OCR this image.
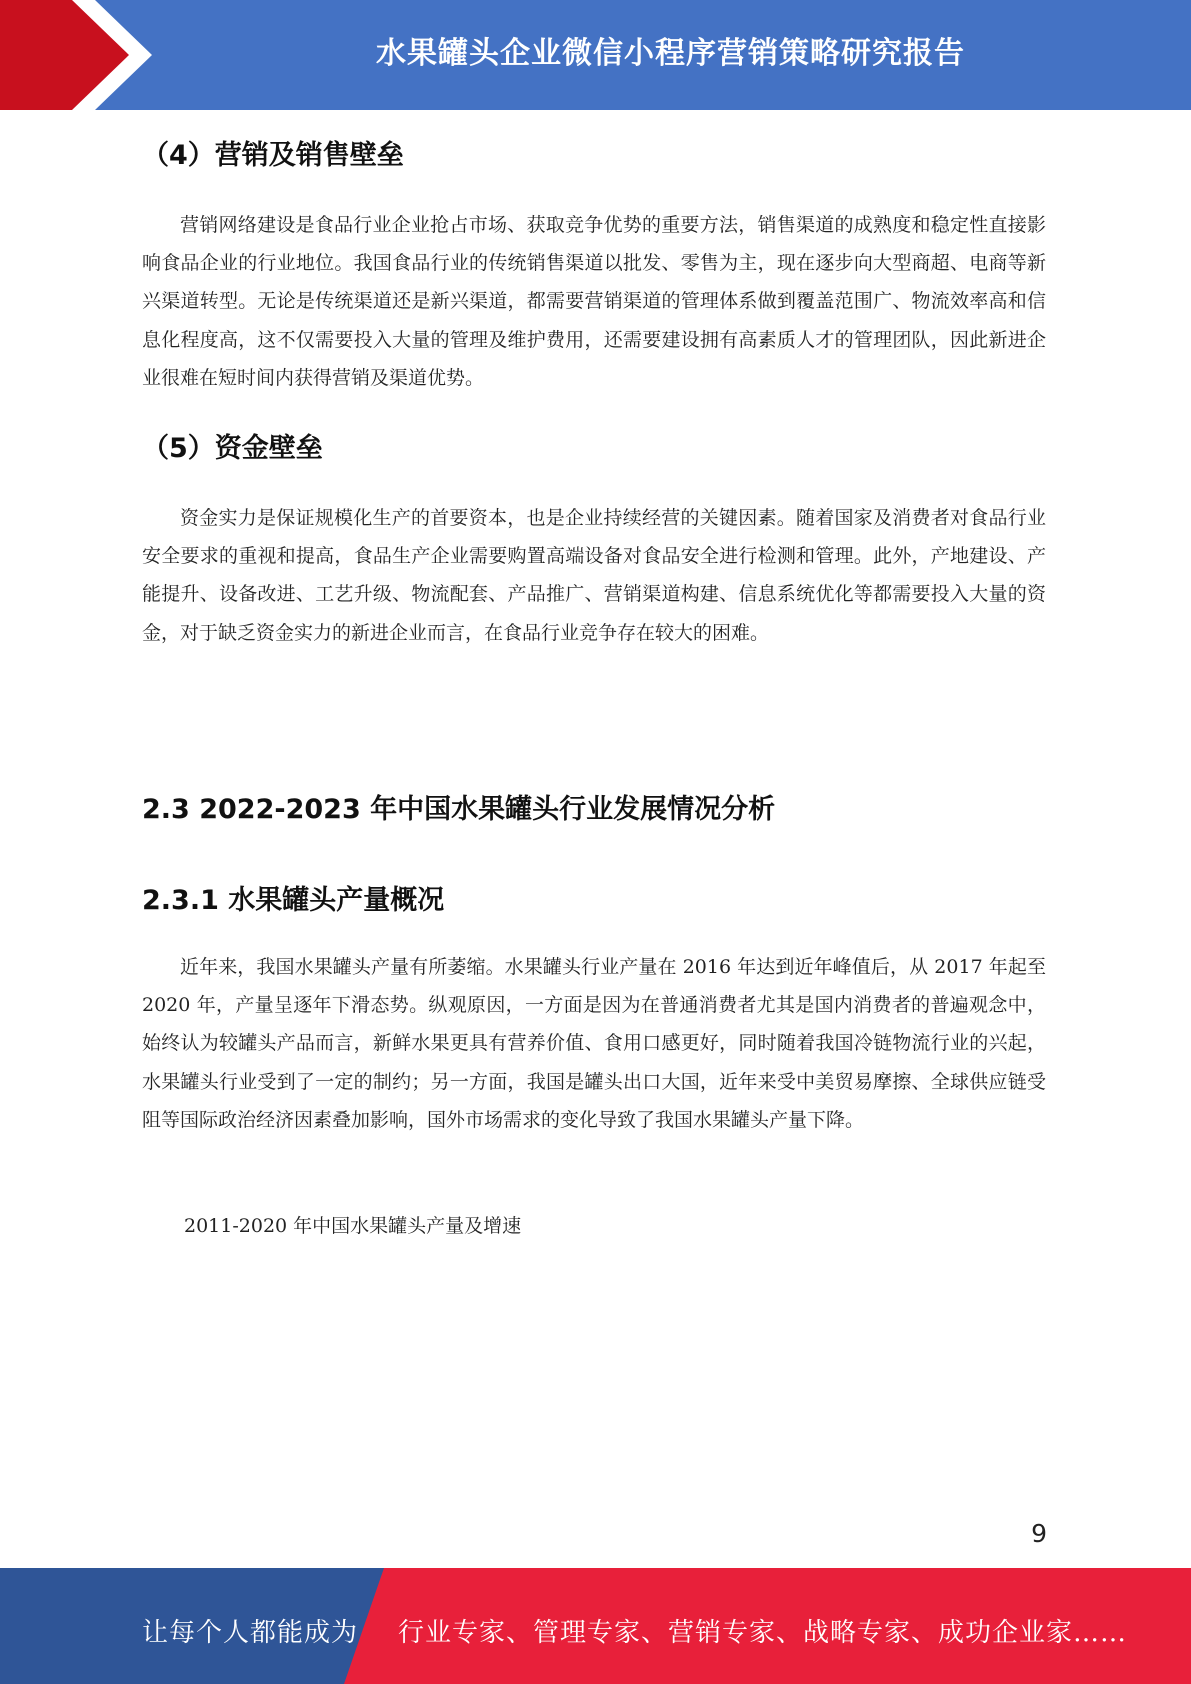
水果罐头企业微信小程序营销策略研究报告
（4）营销及销售壁垒

营销网络建设是食品行业企业抢占市场、获取竞争优势的重要方法，销售渠道的成熟度和稳定性直接影响食品企业的行业地位。我国食品行业的传统销售渠道以批发、零售为主，现在逐步向大型商超、电商等新兴渠道转型。无论是传统渠道还是新兴渠道，都需要营销渠道的管理体系做到覆盖范围广、物流效率高和信息化程度高，这不仅需要投入大量的管理及维护费用，还需要建设拥有高素质人才的管理团队，因此新进企业很难在短时间内获得营销及渠道优势。

（5）资金壁垒

资金实力是保证规模化生产的首要资本，也是企业持续经营的关键因素。随着国家及消费者对食品行业安全要求的重视和提高，食品生产企业需要购置高端设备对食品安全进行检测和管理。此外，产地建设、产能提升、设备改进、工艺升级、物流配套、产品推广、营销渠道构建、信息系统优化等都需要投入大量的资金，对于缺乏资金实力的新进企业而言，在食品行业竞争存在较大的困难。

2.3 2022-2023 年中国水果罐头行业发展情况分析
2.3.1 水果罐头产量概况

近年来，我国水果罐头产量有所萎缩。水果罐头行业产量在 2016 年达到近年峰值后，从 2017 年起至 2020 年，产量呈逐年下滑态势。纵观原因，一方面是因为在普通消费者尤其是国内消费者的普遍观念中，始终认为较罐头产品而言，新鲜水果更具有营养价值、食用口感更好，同时随着我国冷链物流行业的兴起，水果罐头行业受到了一定的制约；另一方面，我国是罐头出口大国，近年来受中美贸易摩擦、全球供应链受阻等国际政治经济因素叠加影响，国外市场需求的变化导致了我国水果罐头产量下降。

2011-2020 年中国水果罐头产量及增速
9
让每个人都能成为 行业专家、管理专家、营销专家、战略专家、成功企业家……
